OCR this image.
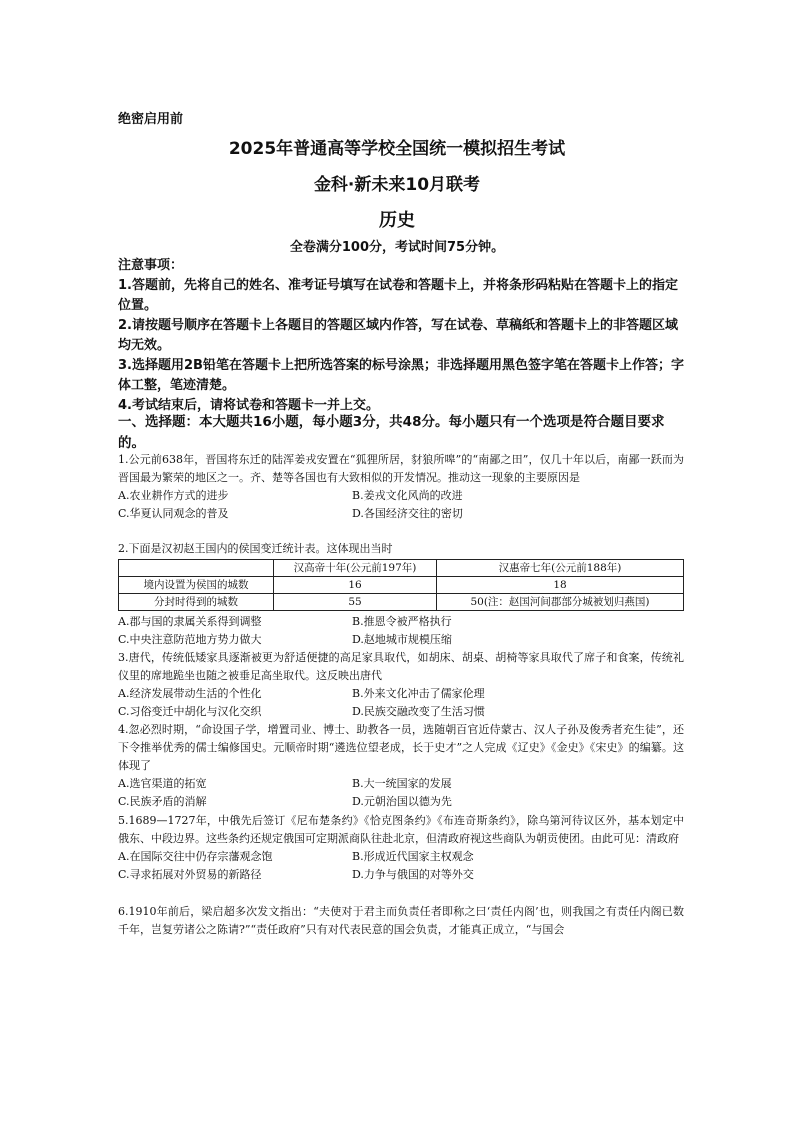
绝密启用前
2025年普通高等学校全国统一模拟招生考试
金科·新未来10月联考
历史
全卷满分100分，考试时间75分钟。

注意事项：

1.答题前，先将自己的姓名、准考证号填写在试卷和答题卡上，并将条形码粘贴在答题卡上的指定位置。

2.请按题号顺序在答题卡上各题目的答题区域内作答，写在试卷、草稿纸和答题卡上的非答题区域均无效。

3.选择题用2B铅笔在答题卡上把所选答案的标号涂黑；非选择题用黑色签字笔在答题卡上作答；字体工整，笔迹清楚。

4.考试结束后，请将试卷和答题卡一并上交。

一、选择题：本大题共16小题，每小题3分，共48分。每小题只有一个选项是符合题目要求的。

1.公元前638年，晋国将东迁的陆浑姜戎安置在“狐狸所居，豺狼所嗥”的“南鄙之田”，仅几十年以后，南鄙一跃而为晋国最为繁荣的地区之一。齐、楚等各国也有大致相似的开发情况。推动这一现象的主要原因是

A.农业耕作方式的进步	B.姜戎文化风尚的改进
C.华夏认同观念的普及	D.各国经济交往的密切

2.下面是汉初赵王国内的侯国变迁统计表。这体现出当时

	汉高帝十年(公元前197年)	汉惠帝七年(公元前188年)
境内设置为侯国的城数	16	18
分封时得到的城数	55	50(注：赵国河间郡部分城被划归燕国)
A.郡与国的隶属关系得到调整	B.推恩令被严格执行
C.中央注意防范地方势力做大	D.赵地城市规模压缩

3.唐代，传统低矮家具逐渐被更为舒适便捷的高足家具取代，如胡床、胡桌、胡椅等家具取代了席子和食案，传统礼仪里的席地跪坐也随之被垂足高坐取代。这反映出唐代

A.经济发展带动生活的个性化	B.外来文化冲击了儒家伦理
C.习俗变迁中胡化与汉化交织	D.民族交融改变了生活习惯

4.忽必烈时期，“命设国子学，增置司业、博士、助教各一员，选随朝百官近侍蒙古、汉人子孙及俊秀者充生徒”，还下令推举优秀的儒士编修国史。元顺帝时期“遴选位望老成，长于史才”之人完成《辽史》《金史》《宋史》的编纂。这体现了

A.选官渠道的拓宽	B.大一统国家的发展
C.民族矛盾的消解	D.元朝治国以德为先

5.1689—1727年，中俄先后签订《尼布楚条约》《恰克图条约》《布连奇斯条约》，除乌第河待议区外，基本划定中俄东、中段边界。这些条约还规定俄国可定期派商队往赴北京，但清政府视这些商队为朝贡使团。由此可见：清政府

A.在国际交往中仍存宗藩观念饱	B.形成近代国家主权观念
C.寻求拓展对外贸易的新路径	D.力争与俄国的对等外交

6.1910年前后，梁启超多次发文指出：“夫使对于君主而负责任者即称之曰‘责任内阁’也，则我国之有责任内阁已数千年，岂复劳诸公之陈请?”“责任政府”只有对代表民意的国会负责，才能真正成立，“与国会
